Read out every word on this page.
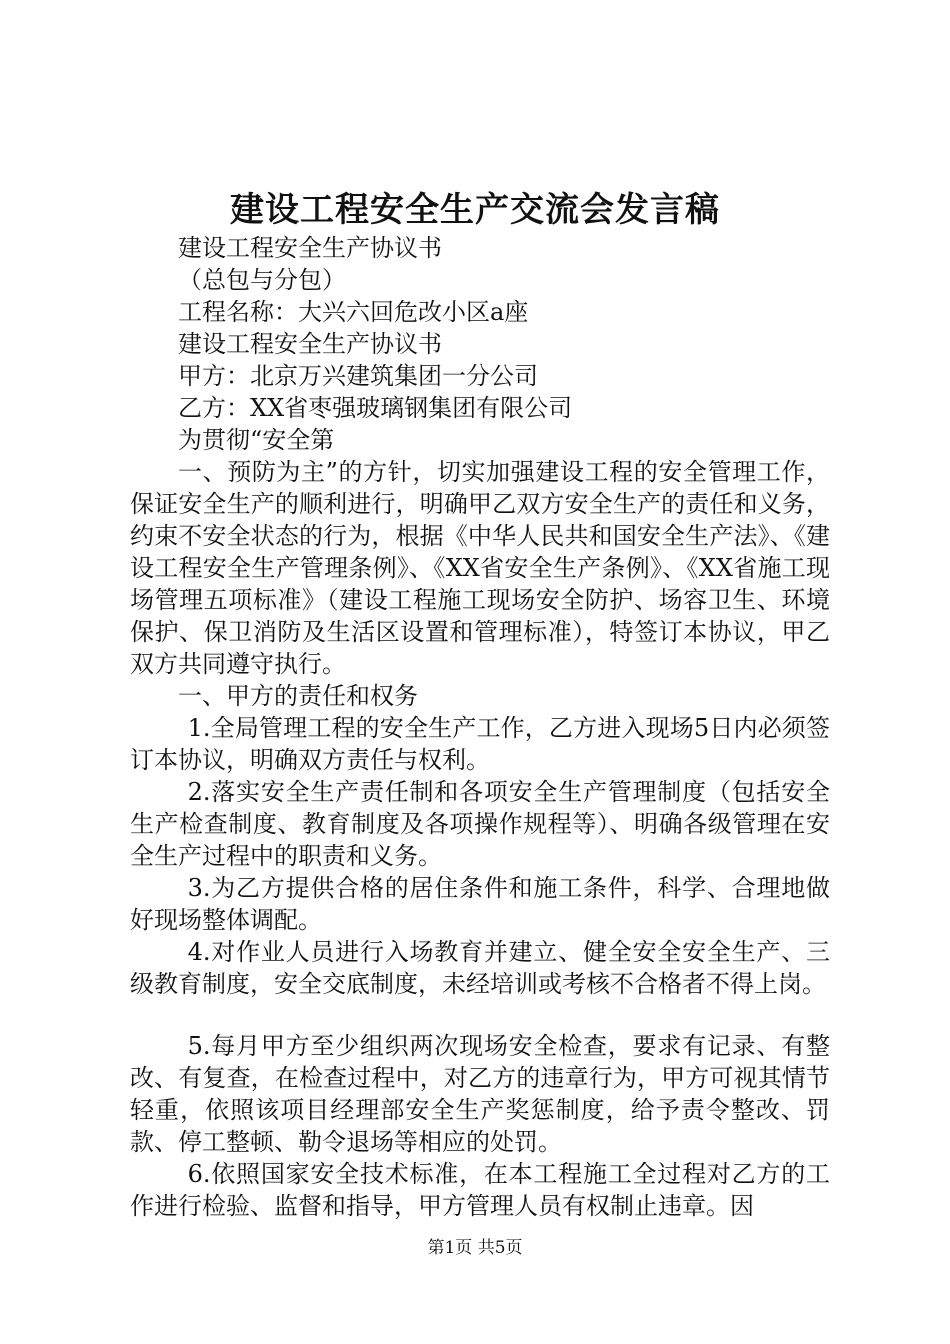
建设工程安全生产交流会发言稿
建设工程安全生产协议书
（总包与分包）
工程名称：大兴六回危改小区a座
建设工程安全生产协议书
甲方：北京万兴建筑集团一分公司
乙方：XX省枣强玻璃钢集团有限公司
为贯彻“安全第

一、预防为主”的方针，切实加强建设工程的安全管理工作，保证安全生产的顺利进行，明确甲乙双方安全生产的责任和义务，约束不安全状态的行为，根据《中华人民共和国安全生产法》、《建设工程安全生产管理条例》、《XX省安全生产条例》、《XX省施工现场管理五项标准》（建设工程施工现场安全防护、场容卫生、环境保护、保卫消防及生活区设置和管理标准），特签订本协议，甲乙双方共同遵守执行。

一、甲方的责任和权务

1.全局管理工程的安全生产工作，乙方进入现场5日内必须签订本协议，明确双方责任与权利。

2.落实安全生产责任制和各项安全生产管理制度（包括安全生产检查制度、教育制度及各项操作规程等）、明确各级管理在安全生产过程中的职责和义务。

3.为乙方提供合格的居住条件和施工条件，科学、合理地做好现场整体调配。

4.对作业人员进行入场教育并建立、健全安全安全生产、三级教育制度，安全交底制度，未经培训或考核不合格者不得上岗。

5.每月甲方至少组织两次现场安全检查，要求有记录、有整改、有复查，在检查过程中，对乙方的违章行为，甲方可视其情节轻重，依照该项目经理部安全生产奖惩制度，给予责令整改、罚款、停工整顿、勒令退场等相应的处罚。

6.依照国家安全技术标准，在本工程施工全过程对乙方的工作进行检验、监督和指导，甲方管理人员有权制止违章。因

第1页 共5页
